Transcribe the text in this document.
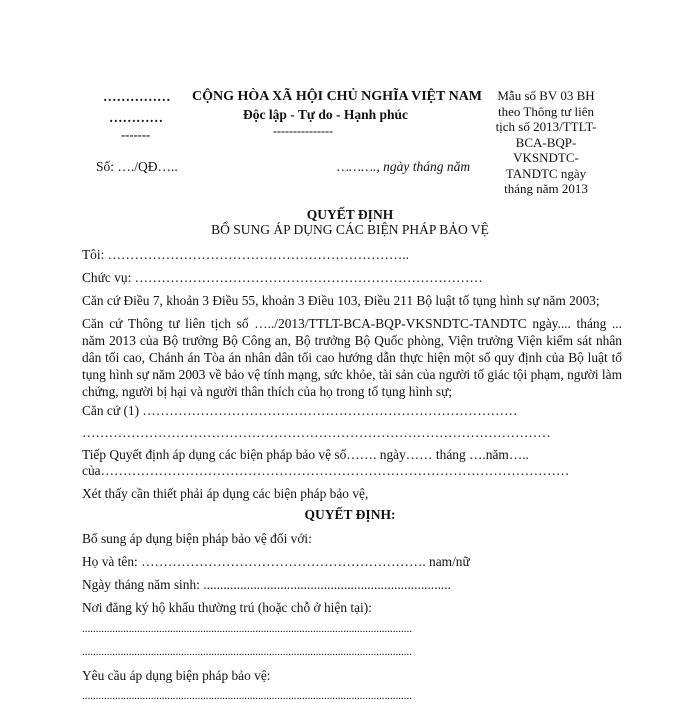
……………
…………
-------
CỘNG HÒA XÃ HỘI CHỦ NGHĨA VIỆT NAM
Độc lập - Tự do - Hạnh phúc
---------------
Mẫu số BV 03 BH
theo Thông tư liên
tịch số 2013/TTLT-
BCA-BQP-
VKSNDTC-
TANDTC ngày
tháng năm 2013
Số: …./QĐ…..	………., ngày tháng năm
QUYẾT ĐỊNH
BỔ SUNG ÁP DỤNG CÁC BIỆN PHÁP BẢO VỆ
Tôi: …………………………………………………………..
Chức vụ: ……………………………………………………………………
Căn cứ Điều 7, khoản 3 Điều 55, khoản 3 Điều 103, Điều 211 Bộ luật tố tụng hình sự năm 2003;
Căn cứ Thông tư liên tịch số …../2013/TTLT-BCA-BQP-VKSNDTC-TANDTC ngày.... tháng ... năm 2013 của Bộ trưởng Bộ Công an, Bộ trưởng Bộ Quốc phòng, Viện trưởng Viện kiểm sát nhân dân tối cao, Chánh án Tòa án nhân dân tối cao hướng dẫn thực hiện một số quy định của Bộ luật tố tụng hình sự năm 2003 về bảo vệ tính mạng, sức khỏe, tài sản của người tố giác tội phạm, người làm chứng, người bị hại và người thân thích của họ trong tố tụng hình sự;
Căn cứ (1) …………………………………………………………………………
……………………………………………………………………………………………
Tiếp Quyết định áp dụng các biện pháp bảo vệ số……. ngày…… tháng ….năm…..
của……………………………………………………………………………………………
Xét thấy cần thiết phải áp dụng các biện pháp bảo vệ,
QUYẾT ĐỊNH:
Bổ sung áp dụng biện pháp bảo vệ đối với:
Họ và tên: ………………………………………………………. nam/nữ
Ngày tháng năm sinh: ..........................................................................
Nơi đăng ký hộ khẩu thường trú (hoặc chỗ ở hiện tại):
........................................................................................................................
........................................................................................................................
Yêu cầu áp dụng biện pháp bảo vệ:
........................................................................................................................
